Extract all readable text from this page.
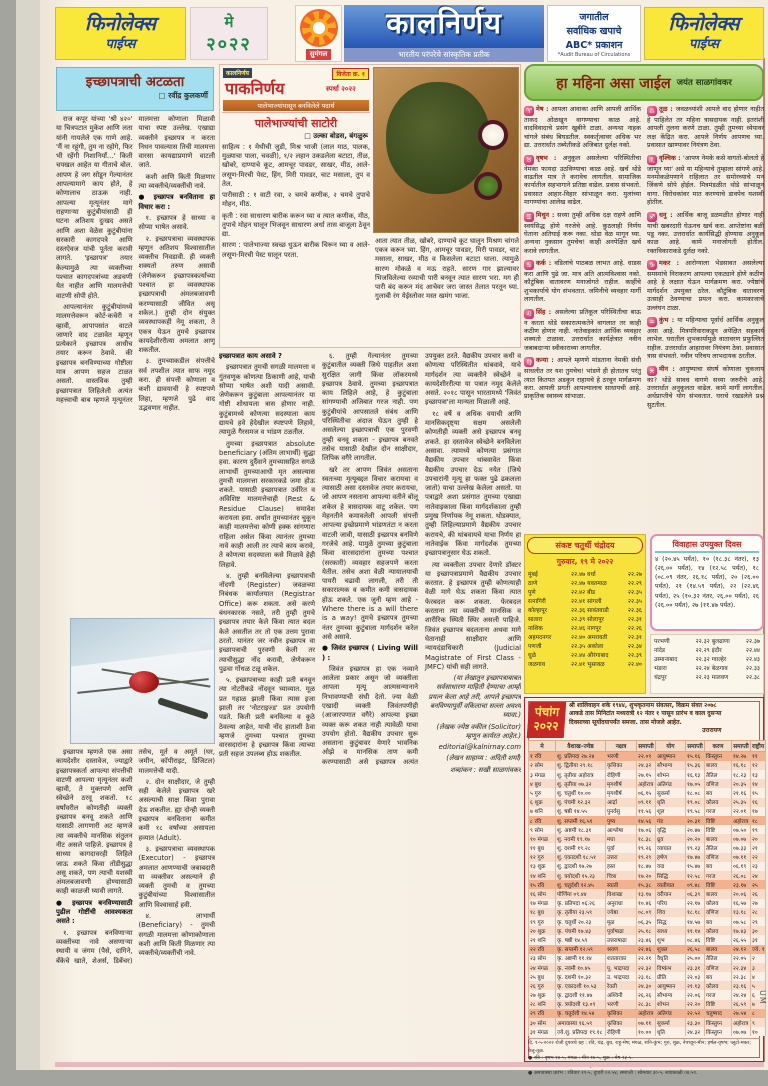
फिनोलेक्स
पाईप्स
मे
२०२२	सुमंगल
कालनिर्णय
भारतीय परंपरेचे सांस्कृतिक प्रतीक
जगातील
सर्वाधिक खपाचे
ABC* प्रकाशन
*Audit Bureau of Circulations
फिनोलेक्स
पाईप्स
इच्छापत्राची अटळता
□ रवींद्र कुलकर्णी

राज कपूर यांच्या 'श्री ४२०' या चित्रपटात मुकेश आणि लता यांनी गायलेले एक गाणे आहे. 'मैं ना रहूंगी, तुम ना रहोगे, फिर भी रहेंगी निशानियाँ...' किती चपखल आहेत या गीताचे बोल. आपण हे जग सोडून गेल्यानंतर आपल्यामागे काय होते, हे कोणालाच ठाऊक नाही. आपल्या मृत्यूनंतर मागे राहणाऱ्या कुटुंबीयांसाठी ही घटना अतिशय दुःखद असते आणि अशा वेळेस कुटुंबीयांना सरकारी कागदपत्रे आणि दस्तऐवज यांची पूर्तता करावी लागते. 'इच्छापत्र' तयार केल्यामुळे त्या व्यक्तीच्या पश्चात कागदपत्रांच्या अडचणी येत नाहीत आणि मालमत्तेची वाटणी सोपी होते.

आपल्यानंतर कुटुंबीयांमध्ये मालमत्तेवरून कोर्ट-कचेरी न व्हावी, आपापसांत वाटले जाणारे वाद टळावेत म्हणून प्रत्येकाने इच्छापत्र आधीच तयार करून ठेवावे. की इच्छापत्र बनविण्याच्या गोष्टीला मात्र आपण सहज टाळत असतो. वास्तविक तुम्ही इच्छापत्रात लिहिलेली अत्यंत महत्त्वाची बाब म्हणजे मृत्यूनंतर मालमत्ता कोणाला मिळावी याचा स्पष्ट उल्लेख. एखाद्या व्यक्तीने इच्छापत्र न करता निधन पावल्यास तिची मालमत्ता वारसा कायद्याप्रमाणे वाटली जाते.

कशी आणि किती मिळणार त्या व्यक्तीचे/व्यक्तींची नावे.

● इच्छापत्र बनविताना हा विचार करा :

१. इच्छापत्र हे साध्या व सोप्या भाषेत असावे.

२. इच्छापत्राचा व्यवस्थापक म्हणून अतिशय विश्वासातील व्यक्तीच निवडावी. ही व्यक्ती शक्यतो तरुण असावी (जेणेकरून इच्छापत्रकर्त्याच्या पश्चात हा व्यवस्थापक इच्छापत्राची अंमलबजावणी करण्यासाठी जीवित असू शकेल.) तुम्ही दोन संयुक्त व्यवस्थापकही नेमू शकता, ते एकत्र येऊन तुमचे इच्छापत्र कायदेशीररीत्या अमलात आणू शकतील.

३. तुमच्याकडील संपत्तीचे सर्व तपशील त्यात साफ नमूद करा. ही संपत्ती कोणाला व कशी द्यावयाची हे स्पष्टपणे लिहा, म्हणजे पुढे वाद उद्भवणार नाहीत.

इच्छापत्र म्हणजे एक असा कायदेशीर दस्तावेज, ज्याद्वारे इच्छापत्रकर्ता आपल्या संपत्तीची वाटणी आपल्या मृत्यूनंतर कशी व्हावी, ते मुक्तपणे आणि स्वेच्छेने ठरवू शकतो. १८ वर्षांवरील कोणतीही व्यक्ती इच्छापत्र बनवू शकते आणि यासाठी लागणारी अट म्हणजे त्या व्यक्तीचे मानसिक संतुलन नीट असले पाहिजे. इच्छापत्र हे साध्या कागदावरही लिहिले जाऊ शकते किंवा तोंडीसुद्धा असू शकते, पण त्याची यशस्वी अंमलबजावणी होण्यासाठी काही काळजी घ्यावी लागते.

● इच्छापत्र बनविण्यासाठी पुढील गोष्टींची आवश्यकता असते :

१. इच्छापत्र बनविणाऱ्या व्यक्तीच्या नावे असणाऱ्या स्थायी व जंगम (पैसे, दागिने, बँकेचे खाते, शेअर्स, डिबेंचर) तसेच, मूर्त व अमूर्त (घर, जमीन, कॉपीराइट, डिजिटल) मालमत्तेची यादी.

२. दोन साक्षीदार, जे तुम्ही सही केलेले इच्छापत्र खरे असल्याची साक्ष किंवा पुरावा देऊ शकतील. ह्या दोन्ही व्यक्ती इच्छापत्र बनविताना कमीत कमी १८ वर्षांच्या असायला हव्यात (Adult).

३. इच्छापत्राचा व्यवस्थापक (Executor) - इच्छापत्र अमलात आणण्याची जबाबदारी या व्यक्तीवर असल्याने ही व्यक्ती तुमची व तुमच्या कुटुंबीयांच्या विश्वासातील आणि विश्वासार्ह हवी.

४. लाभार्थी (Beneficiary) - तुमची सगळी मालमत्ता कोणाकोणाला कशी आणि किती मिळणार त्या व्यक्तीचे/व्यक्तींची नावे.

कालनिर्णय	विजेता क्र. १
पाकनिर्णय	स्पर्धा २०२२
पालेभाज्यांपासून बनविलेले पदार्थ
पालेभाज्यांची साटोरी
□ उल्का बोडस, बंगळुरू

साहित्य : १ मेथीची जुडी, मिश्र भाजी (लाल माठ, पालक, मुळ्याचा पाला, चवळी), १/२ लहान उकडलेला बटाटा, तीळ, खोबरे, दाण्याचे कूट, आमचूर पावडर, साखर, मीठ, आले-लसूण-मिरची पेस्ट, हिंग, मिरी पावडर, चाट मसाला, तूप व तेल.

पारीसाठी : १ वाटी रवा, २ चमचे कणीक, २ चमचे तुपाचे मोहन, मीठ.

कृती : रवा साधारण बारीक करून घ्या व त्यात कणीक, मीठ, तुपाचे मोहन घालून भिजवून साधारण अर्धा तास बाजूला ठेवून द्या.

सारण : पालेभाज्या स्वच्छ धुऊन बारीक चिरून घ्या व आले-लसूण-मिरची पेस्ट घालून परता.

आता त्यात तीळ, खोबरे, दाण्याचे कूट घालून मिश्रण चांगले एकत्र करून घ्या. हिंग, आमचूर पावडर, मिरी पावडर, चाट मसाला, साखर, मीठ व किसलेला बटाटा घाला. त्यामुळे सारण मोकळे व मऊ राहते. सारण गार झाल्यावर भिजविलेल्या रव्याची पारी बनवून त्यात सारण भरा. मग ही पारी बंद करून मंद आचेवर जरा जास्त तेलात परतून घ्या. गुलाबी रंग येईस्तोवर मस्त खमंग भाजा.

इच्छापत्रात काय असावे ?

इच्छापत्रात तुमची सगळी मालमत्ता व गुंतवणूक कोणत्या ठिकाणी आहे, याची सोप्या भाषेत अशी यादी असावी. जेणेकरून कुटुंबाला आपल्यानंतर या गोष्टी शोधायला त्रास होणार नाही. कुटुंबामध्ये कोणत्या सदस्याला काय द्यायचे हवे हेदेखील स्पष्टपणे लिहावे, त्यामुळे गैरसमज व भांडण टळतील.

तुमच्या इच्छापत्रात absolute beneficiary (अंतिम लाभार्थी) सुद्धा हवा. कारण दुर्दैवाने तुमच्यासहित सगळे लाभार्थी तुमच्याआधी मृत असल्यास तुमची मालमत्ता सरकारकडे जमा होऊ शकते. यासाठी इच्छापत्रात उर्वरित व अविशिष्ट मालमत्तेचाही (Rest & Residue Clause) समावेश करायला हवा. अर्थात तुमच्यानंतर चुकून काही मालमत्तेचा कोणी हक्क सांगणारा राहिला असेल किंवा त्यानंतर तुमच्या नावे काही आली तर त्याचे काय करावे, ते कोणत्या सदस्याला कसे मिळावे हेही लिहावे.

४. तुम्ही बनविलेल्या इच्छापत्राची नोंदणी (Register) जवळच्या निबंधक कार्यालयात (Registrar Office) करू शकता. असे करणे बंधनकारक नसते, तरी तुम्ही तुमचे इच्छापत्र तयार केले किंवा त्यात बदल केले असतील तर तो एक उत्तम पुरावा ठरतो. यानंतर जर नवीन इच्छापत्र वा इच्छापत्राची पुरवणी केली तर त्याचीसुद्धा नोंद करावी, जेणेकरून पुढचा गोंधळ टळू शकेल.

५. इच्छापत्राच्या काही प्रती बनवून त्या नोटरीकडे नोंदवून घ्याव्यात. मूळ प्रत गहाळ झाली किंवा त्यास इजा झाली तर 'नोटराइज्ड' प्रत उपयोगी पडते. किती प्रती बनविल्या व कुठे ठेवल्या आहेत, याची नोंद हाताशी ठेवा म्हणजे तुमच्या पश्चात तुमच्या वारसदारांना हे इच्छापत्र किंवा त्याच्या प्रती सहज उपलब्ध होऊ शकतील.

६. तुम्ही गेल्यानंतर तुमच्या कुटुंबातील व्यक्ती जिथे पाहतील अशा सुरक्षित जागी किंवा लॉकरमध्ये इच्छापत्र ठेवावे. तुमच्या इच्छापत्रात काय लिहिले आहे, हे कुटुंबाला सांगण्याची अजिबात गरज नाही. पण कुटुंबीयांचे आपसातले संबंध आणि परिस्थितीचा अंदाज घेऊन तुम्ही हे असलेल्या इच्छापत्राची एक पुरवणी तुम्ही बनवू शकता - इच्छापत्र बनवते तसेच यासाठी देखील दोन साक्षीदार, लिपिक वगैरे लागतील.

खरे तर आपण जिवंत असताना स्वतःच्या मृत्यूबद्दल विचार करायचा व त्यासाठी असा दस्तावेज तयार करायचा, जो आपण नसताना आपल्या वतीने बोलू शकेल हे त्रासदायक वाटू शकेल. पण मेहनतीने कमावलेली आपली संपत्ती आपल्या इच्छेप्रमाणे भांडणतंटा न करता वाटली जावी, यासाठी इच्छापत्र बनविणे गरजेचे आहे. यामुळे तुमच्या कुटुंबाला किंवा वारसदारांना तुमच्या पश्चात (सरकारी) व्यवहार सहजपणे करता येतील. तसेच अशा वेळी न्यायालयाची पायरी चढावी लागली, तरी ती सकारात्मक व कमीत कमी त्रासदायक होऊ शकते. एक जुनी म्हण आहे - Where there is a will there is a way! तुमचे इच्छापत्र तुमच्या नंतर तुमच्या कुटुंबाला मार्गदर्शन करेल असे असावे.

● जिवंत इच्छापत्र ( Living Will ) :

जिवंत इच्छापत्र हा एक नव्याने आलेला प्रकार असून जो व्यक्तीला आपला मृत्यू आत्मसन्मानाने निभावण्याची संधी देतो. ज्या वेळी एखादी व्यक्ती जिवंतपणीही (आजारपणात वगैरे) आपल्या इच्छा व्यक्त करू शकत नाही त्यावेळी याचा उपयोग होतो. वैद्यकीय उपचार सुरू असताना कुटुंबावर येणारे भावनिक ओझे व मानसिक ताण कमी करण्यासाठी असे इच्छापत्र अत्यंत उपयुक्त ठरते. वैद्यकीय उपचार कधी व कोणत्या परिस्थितीत थांबवावे, याचे मार्गदर्शन त्या व्यक्तीने स्वेच्छेने व कायदेशीररीत्या या पत्रात नमूद केलेले असते. २०१८ पासून भारतामध्ये 'जिवंत इच्छापत्रा'ला मान्यता मिळाली आहे.

१८ वर्षे व अधिक वयाची आणि मानसिकदृष्ट्या सक्षम असलेली कोणतीही व्यक्ती असे इच्छापत्र बनवू शकते. हा दस्तावेज स्वेच्छेने बनविलेला असावा. त्यामध्ये कोणत्या प्रसंगात वैद्यकीय उपचार थांबवावेत किंवा वैद्यकीय उपचार देऊ नयेत (जिथे उपचारांनी मृत्यू हा फक्त पुढे ढकलला जातो) याचा उल्लेख केलेला असतो. या पत्राद्वारे अशा प्रसंगात तुमच्या एखाद्या नातेवाइकाला किंवा मार्गदर्शकाला तुम्ही प्रमुख निर्णायक नेमू शकता. थोडक्यात, तुम्ही लिहिल्याप्रमाणे वैद्यकीय उपचार करायचे, की थांबवायचे याचा निर्णय हा नातेवाईक किंवा मार्गदर्शक तुमच्या इच्छापत्रानुसार घेऊ शकतो.

त्या व्यक्तीला उपचार देणारे डॉक्टर या इच्छापत्राप्रमाणे वैद्यकीय उपचार करतात. हे इच्छापत्र तुम्ही कोणत्याही वेळी मागे घेऊ शकता किंवा त्यात फेरबदल करू शकता. फेरबदल करताना त्या व्यक्तीची मानसिक व शारीरिक स्थिती स्थिर असली पाहिजे. जिवंत इच्छापत्र बदलताना अथवा मागे घेतानाही साक्षीदार आणि न्यायदंडाधिकारी (Judicial Magistrate of First Class - JMFC) यांची सही लागते.

(या लेखातून इच्छापत्राबाबत सर्वसाधारण माहिती देण्याचा आम्ही प्रयत्न केला आहे तरी, आपले इच्छापत्र बनविण्यापूर्वी वकिलाचा सल्ला अवश्य घ्यावा.)

(लेखक ज्येष्ठ वकील (Solicitor) म्हणून कार्यरत आहेत.)

editorial@kalnirnay.com

(लेखन साहाय्य : अदिती शर्मा)

शब्दांकन : सखी साळगांवकर

हा महिना असा जाईल जयंत साळगांवकर
♈ मेष : आपला आवाका आणि आपली आर्थिक ताकद ओळखून वागण्याचा काळ आहे. वादविवादाचे प्रसंग खुबीने टाळा. अन्यथा नाहक चांगले संबंध बिघडतील. स्वकर्तृत्वावर अधिक भर द्या. उत्तरार्धात तब्येतीकडे अजिबात दुर्लक्ष नको.
♉ वृषभ : अनुकूल असलेल्या परिस्थितीचा नेमका फायदा उठविण्याचा काळ आहे. खर्च थोडे वाढतील मात्र ते करावेच लागतील. सामाजिक कार्यातील सहभागाने प्रतिष्ठा वाढेल. प्रवास संभवतो. प्रवासात आहार-विहार सांभाळून करा. मुलांच्या मागण्यांचा आलेख वाढेल.
♊ मिथुन : सध्या तुम्ही अधिक दक्ष राहणे आणि स्वयंसिद्ध होणे गरजेचे आहे. कुठलाही निर्णय घेताना अतिघाई करू नका. थोडा वेळ मागून घ्या. अन्यथा नुकसान तुमचेच! काही अनपेक्षित खर्च करावे लागतील.
♋ कर्क : वडिलांचे पाठबळ लाभत आहे. धाडस करा आणि पुढे जा. मात्र अति आत्मविश्वास नको. कौटुंबिक वातावरण मनाजोगते राहील. काहींचे शुभकार्याचे योग संभवतात. जमिनीचे व्यवहार मार्गी लागतील.
♌ सिंह : असलेल्या प्रतिकूल परिस्थितीचा बाऊ न करता थोडे सकारात्मकतेने वागलात तर काही कठीण होणार नाही. नातेवाइकांत आर्थिक व्यवहार शक्यतो टाळावा. उत्तरार्धात कार्यक्षेत्रात नवीन जबाबदाऱ्या स्वीकाराव्या लागतील.
♍ कन्या : आपले म्हणणे मांडताना नेमकी संधी साधलीत तर यश तुमचेच! भांडणे ही होतातच परंतु त्यात कितपत अडकून राहायचे हे ठरवून मार्गक्रमण करा. आपली प्रगती आपल्यालाच साधायची आहे. प्राकृतिक स्वास्थ्य सांभाळा.
♎ तूळ : जवळच्यांशी आपले वाद होणार नाहीत हे पाहिलेत तर महिना त्रासदायक नाही. इतरांशी आपली तुलना करणे टाळा. तुम्ही तुमच्या ध्येयावर लक्ष केंद्रित करा. आपले निर्णय आपणच घ्या. प्रवासात खाण्यावर नियंत्रण ठेवा.
♏ वृश्चिक : 'आपण नेमके कसे वागतो-बोलतो हे जाणून घ्या' असे या महिन्याचे तुम्हाला सांगणे आहे. मनमोकळेपणाने राहिलात तर समोरच्याचे मन जिंकणे सोपे होईल. मित्रमंडळीत थोडे सांभाळून वागा. विरोधकांवर मात करण्याचे डावपेच यशस्वी होतील.
♐ धनु : आर्थिक बाजू डळमळीत होणार नाही याची खबरदारी घेऊनच खर्च करा. आप्तेष्टांना बळी पडू नका. उत्तरार्धात कार्यसिद्धी होण्यास अनुकूल काळ आहे. कामे मनाजोगती होतील. रक्तविकाराकडे दुर्लक्ष नको.
♑ मकर : आरोग्याला भेडसावत असलेल्या समस्यांचे निराकरण आपल्या एकट्याने होणे कठीण आहे हे लक्षात घेऊन मार्गक्रमण करा. ज्येष्ठांचे मार्गदर्शन उपयुक्त ठरेल. कौटुंबिक वातावरण उत्साही ठेवण्याचा प्रयत्न करा. कामकाजाचे उल्लंघन टाळा.
♒ कुंभ : या महिन्याचा पूर्वार्ध आर्थिक अनुकूल असा आहे. मित्रपरिवाराकडून अपेक्षित सहकार्य लाभेल. घरातील शुभकार्यामुळे वातावरण प्रफुल्लित राहील. उत्तरार्धात आहारावर नियंत्रण ठेवा. प्रवासात त्रास संभवतो. नवीन परिचय लाभदायक ठरतील.
♓ मीन : आयुष्याचा संघर्ष कोणाला चुकलाय का? थोडे सावध वागणे सध्या जरुरीचे आहे. उत्तरार्धात अनुकूलता वाढेल. कामे मार्गी लागतील. अर्थप्राप्तीचे योग संभवतात. घराचे रखडलेले प्रश्न सुटतील.
संकष्ट चतुर्थी चंद्रोदय
गुरुवार, १९ मे २०२२
मुंबई	२२.४७	वर्धा	२२.२७
ठाणे	२२.४७	यवतमाळ	२२.२९
पुणे	२२.४२	बीड	२२.३५
रत्नागिरी	२२.४१	सांगली	२२.३५
कोल्हापूर	२२.३६	सावंतवाडी	२२.३६
सातारा	२२.३९	सोलापूर	२२.३१
नाशिक	२२.४६	नागपूर	२२.२६
अहमदनगर	२२.४०	अमरावती	२२.३१
पणजी	२२.३५	अकोला	२२.३४
धुळे	२२.४४	औरंगाबाद	२२.३९
जळगाव	२२.४१	भुसावळ	२२.४०
विवाहास उपयुक्त दिवस
४ (२०.४५ पर्यंत), १० (१८.३८ नंतर), १३ (२६.०० पर्यंत), १४ (१२.५८ पर्यंत), १८ (०८.०९ नंतर, २६.१८ पर्यंत), २० (२६.०० पर्यंत), २१ (१४.५९ पर्यंत), २२ (२२.४६ पर्यंत), २५ (१०.३२ नंतर, २६.०० पर्यंत), २६ (२६.०० पर्यंत), २७ (११.४७ पर्यंत).
परभणी	२२.३२	बुलढाणा	२२.३७
नांदेड	२२.२९	इंदौर	२२.४४
उस्मानाबाद	२२.३२	ग्वाल्हेर	२२.४३
भंडारा	२२.२४	बेळगाव	२२.३३
चंद्रपूर	२२.२३	मालवण	२२.३८
पंचांग
२०२२
श्री शालिवाहन शके १९४४, शुभकृतनाम संवत्सर, विक्रम संवत २०७८
आकडे तास मिनिटांत मध्यरात्री १२ नंतर १ पासून प्रारंभ व काल दुसऱ्या
दिवसाच्या सूर्योदयापर्यंत समजा. तास मोजले आहेत.
उत्तरायण
मे	वैशाख–ज्येष्ठ	नक्षत्र	समाप्ती	योग	समाप्ती	करण	समाप्ती	राष्ट्रीय
१ रवि	शु. प्रतिपदा २७.२४	भरणी	२२.०९	आयुष्मान	१५.१६	किंस्तुघ्न	१४.२७	११
२ सोम	शु. द्वितीया २९.१८	कृत्तिका	२४.३२	सौभाग्य	१५.३६	बालव	१६.१८	१२
३ मंगळ	शु. तृतीया अहोरात्र	रोहिणी	२७.१५	शोभन	१६.१३	तैतिल	१८.२३	१३
४ बुध	शु. तृतीया ०७.३२	मृगशीर्ष	अहोरात्र	अतिगंड	१७.०५	वणिज	२०.३५	१४
५ गुरु	शु. चतुर्थी १०.००	मृगशीर्ष	०६.१५	सुकर्मा	१८.०८	बव	२१.१६	१५
६ शुक्र	शु. पंचमी १२.३२	आर्द्रा	०९.११	धृति	१९.०८	कौलव	२५.३५	१६
७ शनि	शु. षष्ठी १४.५५	पुनर्वसु	११.५६	शूल	१९.५८	गरज	२२.०१	१७
८ रवि	शु. सप्तमी १६.५१	पुष्य	१४.५६	गंड	२०.३१	विष्टि	अहोरात्र	१८
९ सोम	शु. अष्टमी १८.३१	आश्लेषा	१७.०६	वृद्धि	२०.४७	विष्टि	०७.५०	१९
१० मंगळ	शु. नवमी १९.१७	मघा	१८.३८	ध्रुव	२०.२०	बालव	०७.०७	२०
११ बुध	शु. दशमी १९.२८	पूर्वा	१९.२६	व्याघात	१९.२३	तैतिल	०७.३३	२१
१२ गुरु	शु. एकादशी १८.५१	उत्तरा	१९.२९	हर्षण	१७.४७	वणिज	०७.११	२२
१३ शुक्र	शु. द्वादशी १७.२७	हस्त	१८.४७	वज्र	१५.४७	बव	०६.१९	२३
१४ शनि	शु. त्रयोदशी १५.२३	चित्रा	१७.२०	सिद्धि	१२.५८	गरज	२६.०८	२४
१५ रवि	शु. चतुर्दशी १२.४५	स्वाती	१५.३८	व्यतीपात	०९.४८	विष्टि	२३.१७	२५
१६ सोम	पौर्णिमा ०९.४४	विशाखा	१३.१७	वरीयान	०६.३९	बालव	२०.०६	२६
१७ मंगळ	कृ. प्रतिपदा ०६.२६	अनुराधा	१०.४६	परिघ	२२.१७	कौलव	१६.५७	२७
१८ बुध	कृ. तृतीया २३.५९	ज्येष्ठा	०८.०९	शिव	१८.१८	वणिज	१३.१८	२८
१९ गुरु	कृ. चतुर्थी २०.२३	मूळ	०६.३५	सिद्ध	१४.५७	बव	०७.५८	२९
२० शुक्र	कृ. पंचमी १७.४३	पूर्वाषाढा	२५.१८	साध्य	११.१४	कौलव	१७.४३	३०
२१ शनि	कृ. षष्ठी १४.५९	उत्तराषाढा	२३.४६	शुभ	०८.४६	विष्टि	२६.५५	३१
२२ रवि	कृ. सप्तमी १२.५९	श्रवण	२२.४६	शुक्ल	२६.५८	बालव	२४.१२	ज्ये. १
२३ सोम	कृ. अष्टमी ११.१४	शततारका	२२.२१	वैधृति	२५.००	तैतिल	२२.०५	२
२४ मंगळ	कृ. नवमी १०.४५	पू. भाद्रपदा	२२.३२	विष्कंभ	२३.३१	वणिज	२२.३४	३
२५ बुध	कृ. दशमी १०.३२	उ. भाद्रपदा	२३.१८	प्रीति	२२.०३	बव	२२.३८	४
२६ गुरु	कृ. एकादशी १०.५३	रेवती	२४.३०	आयुष्मान	२१.१३	कौलव	२३.१६	५
२७ शुक्र	कृ. द्वादशी ११.४७	अश्विनी	२६.२६	सौभाग्य	२२.०६	गरज	२४.२४	६
२८ शनि	कृ. त्रयोदशी १३.०९	भरणी	२८.३८	शोभन	२२.२०	विष्टि	२६.५९	७
२९ रवि	कृ. चतुर्दशी १४.५४	कृत्तिका	अहोरात्र	अतिगंड	२२.५२	चतुष्पाद	२७.५४	८
३० सोम	अमावास्या १६.५९	कृत्तिका	०७.११	सुकर्मा	२३.३०	किंस्तुघ्न	अहोरात्र	९
३१ मंगळ	ज्ये.शु. प्रतिपदा १९.१८	रोहिणी	१०.००	धृति	२४.३२	किंस्तुघ्न	०७.०७	१०
दि. १-५-२०२२ रोजी दुपारचे ग्रह : रवि, चंद्र, बुध, राहू-मेष; मंगळ, शनि-कुंभ; गुरु, शुक्र, नेपच्यून-मीन; हर्षल-वृषभ; प्लूटो-मकर; केतू-तूळ.
● रवि : वृषभ १४-५, मंगळ : मीन १७-५, शुक्र : मेष २३-५.
● अमावास्या प्रारंभ : रविवार २९-५, दुपारी ०२.५४, समाप्ती : सोमवार ३०-५, सायंकाळी ०४.५९.
UM
